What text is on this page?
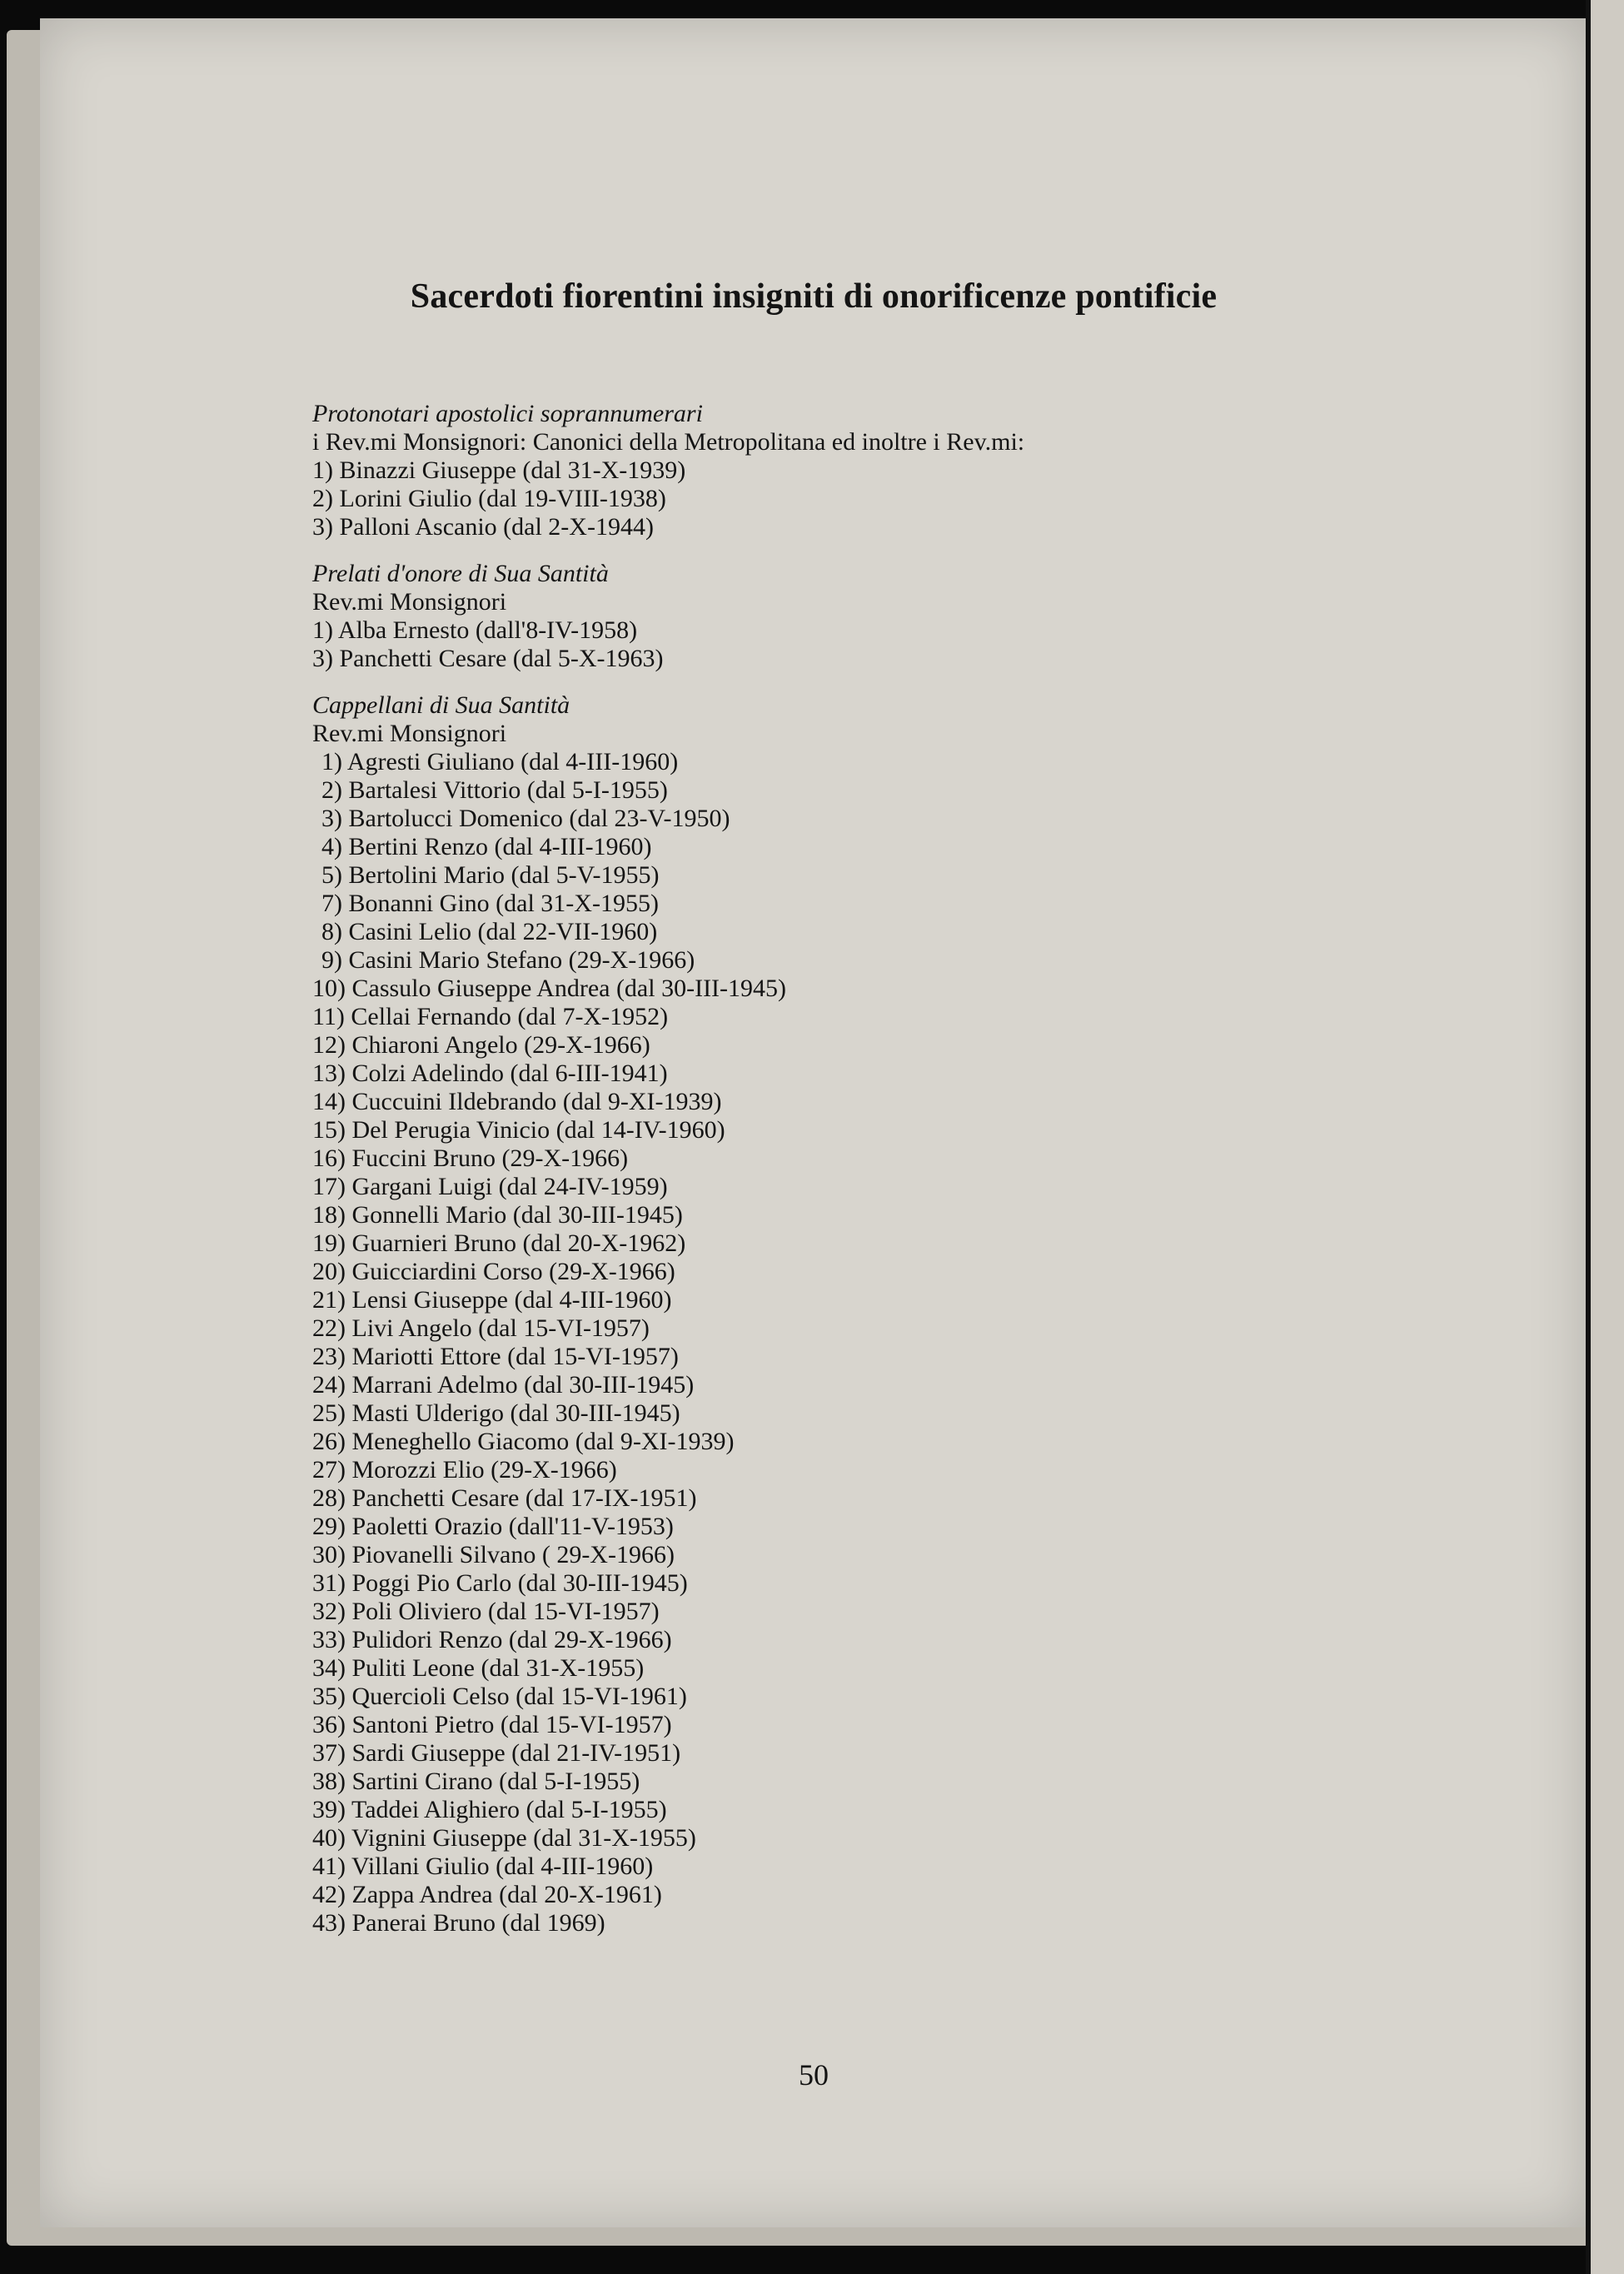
Sacerdoti fiorentini insigniti di onorificenze pontificie

Protonotari apostolici soprannumerari

i Rev.mi Monsignori: Canonici della Metropolitana ed inoltre i Rev.mi:

1) Binazzi Giuseppe (dal 31-X-1939)

2) Lorini Giulio (dal 19-VIII-1938)

3) Palloni Ascanio (dal 2-X-1944)

Prelati d'onore di Sua Santità

Rev.mi Monsignori

1) Alba Ernesto (dall'8-IV-1958)

3) Panchetti Cesare (dal 5-X-1963)

Cappellani di Sua Santità

Rev.mi Monsignori

1) Agresti Giuliano (dal 4-III-1960)

2) Bartalesi Vittorio (dal 5-I-1955)

3) Bartolucci Domenico (dal 23-V-1950)

4) Bertini Renzo (dal 4-III-1960)

5) Bertolini Mario (dal 5-V-1955)

7) Bonanni Gino (dal 31-X-1955)

8) Casini Lelio (dal 22-VII-1960)

9) Casini Mario Stefano (29-X-1966)

10) Cassulo Giuseppe Andrea (dal 30-III-1945)

11) Cellai Fernando (dal 7-X-1952)

12) Chiaroni Angelo (29-X-1966)

13) Colzi Adelindo (dal 6-III-1941)

14) Cuccuini Ildebrando (dal 9-XI-1939)

15) Del Perugia Vinicio (dal 14-IV-1960)

16) Fuccini Bruno (29-X-1966)

17) Gargani Luigi (dal 24-IV-1959)

18) Gonnelli Mario (dal 30-III-1945)

19) Guarnieri Bruno (dal 20-X-1962)

20) Guicciardini Corso (29-X-1966)

21) Lensi Giuseppe (dal 4-III-1960)

22) Livi Angelo (dal 15-VI-1957)

23) Mariotti Ettore (dal 15-VI-1957)

24) Marrani Adelmo (dal 30-III-1945)

25) Masti Ulderigo (dal 30-III-1945)

26) Meneghello Giacomo (dal 9-XI-1939)

27) Morozzi Elio (29-X-1966)

28) Panchetti Cesare (dal 17-IX-1951)

29) Paoletti Orazio (dall'11-V-1953)

30) Piovanelli Silvano ( 29-X-1966)

31) Poggi Pio Carlo (dal 30-III-1945)

32) Poli Oliviero (dal 15-VI-1957)

33) Pulidori Renzo (dal 29-X-1966)

34) Puliti Leone (dal 31-X-1955)

35) Quercioli Celso (dal 15-VI-1961)

36) Santoni Pietro (dal 15-VI-1957)

37) Sardi Giuseppe (dal 21-IV-1951)

38) Sartini Cirano (dal 5-I-1955)

39) Taddei Alighiero (dal 5-I-1955)

40) Vignini Giuseppe (dal 31-X-1955)

41) Villani Giulio (dal 4-III-1960)

42) Zappa Andrea (dal 20-X-1961)

43) Panerai Bruno (dal 1969)

50
